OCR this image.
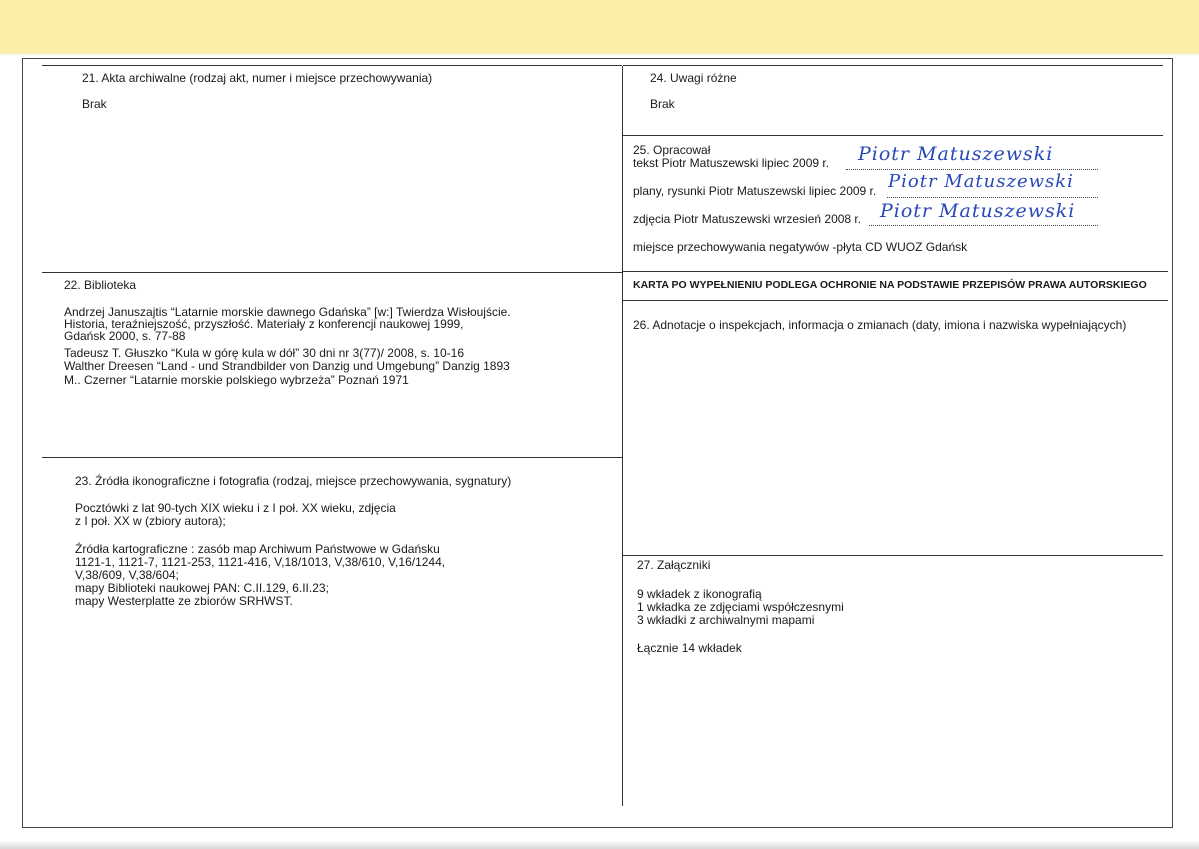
21. Akta archiwalne (rodzaj akt, numer i miejsce przechowywania)
Brak
22. Biblioteka
Andrzej Januszajtis “Latarnie morskie dawnego Gdańska” [w:] Twierdza Wisłoujście.
Historia, teraźniejszość, przyszłość. Materiały z konferencji naukowej 1999,
Gdańsk 2000, s. 77-88
Tadeusz T. Głuszko “Kula w górę kula w dół” 30 dni nr 3(77)/ 2008, s. 10-16
Walther Dreesen “Land - und Strandbilder von Danzig und Umgebung” Danzig 1893
M.. Czerner “Latarnie morskie polskiego wybrzeża” Poznań 1971
23. Źródła ikonograficzne i fotografia (rodzaj, miejsce przechowywania, sygnatury)
Pocztówki z lat 90-tych XIX wieku i z I poł. XX wieku, zdjęcia
z I poł. XX w (zbiory autora);
Źródła kartograficzne : zasób map Archiwum Państwowe w Gdańsku
1121-1, 1121-7, 1121-253, 1121-416, V,18/1013, V,38/610, V,16/1244,
V,38/609, V,38/604;
mapy Biblioteki naukowej PAN: C.II.129, 6.II.23;
mapy Westerplatte ze zbiorów SRHWST.
24. Uwagi różne
Brak
25. Opracował
tekst Piotr Matuszewski lipiec 2009 r. Piotr Matuszewski
plany, rysunki Piotr Matuszewski lipiec 2009 r. Piotr Matuszewski
zdjęcia Piotr Matuszewski wrzesień 2008 r. Piotr Matuszewski
miejsce przechowywania negatywów -płyta CD WUOZ Gdańsk
KARTA PO WYPEŁNIENIU PODLEGA OCHRONIE NA PODSTAWIE PRZEPISÓW PRAWA AUTORSKIEGO
26. Adnotacje o inspekcjach, informacja o zmianach (daty, imiona i nazwiska wypełniających)
27. Załączniki
9 wkładek z ikonografią
1 wkładka ze zdjęciami współczesnymi
3 wkładki z archiwalnymi mapami
Łącznie 14 wkładek
